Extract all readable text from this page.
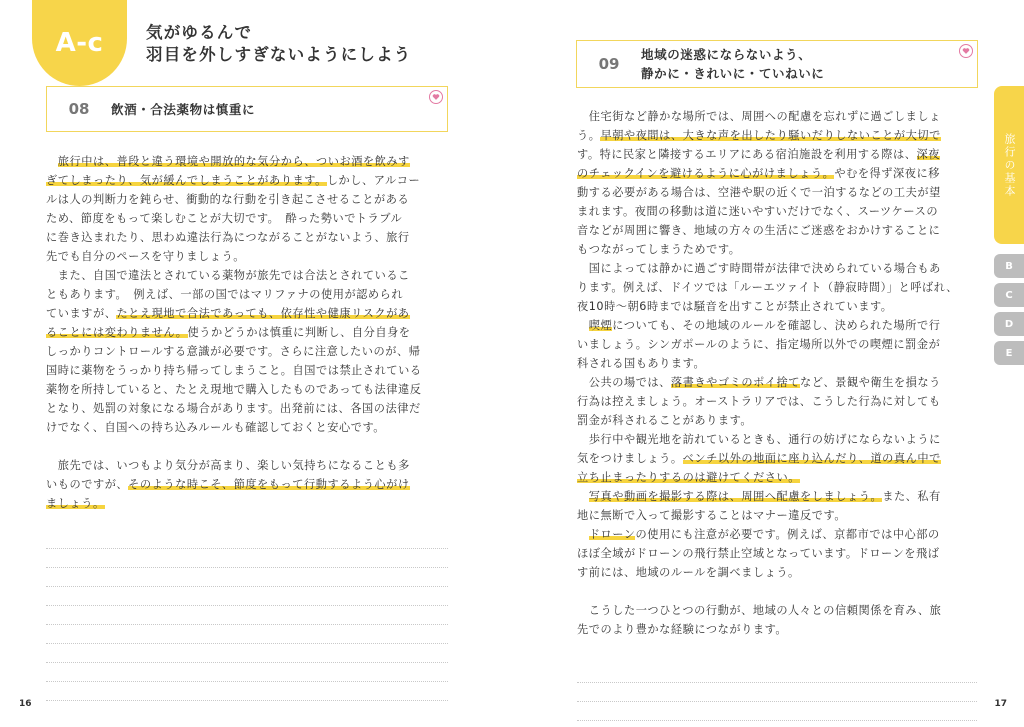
A-c	気がゆるんで
羽目を外しすぎないようにしよう
08	飲酒・合法薬物は慎重に
　旅行中は、普段と違う環境や開放的な気分から、ついお酒を飲みす
ぎてしまったり、気が緩んでしまうことがあります。しかし、アルコー
ルは人の判断力を鈍らせ、衝動的な行動を引き起こさせることがある
ため、節度をもって楽しむことが大切です。　酔った勢いでトラブル
に巻き込まれたり、思わぬ違法行為につながることがないよう、旅行
先でも自分のペースを守りましょう。
　また、自国で違法とされている薬物が旅先では合法とされているこ
ともあります。　例えば、一部の国ではマリファナの使用が認められ
ていますが、たとえ現地で合法であっても、依存性や健康リスクがあ
ることには変わりません。使うかどうかは慎重に判断し、自分自身を
しっかりコントロールする意識が必要です。さらに注意したいのが、帰
国時に薬物をうっかり持ち帰ってしまうこと。自国では禁止されている
薬物を所持していると、たとえ現地で購入したものであっても法律違反
となり、処罰の対象になる場合があります。出発前には、各国の法律だ
けでなく、自国への持ち込みルールも確認しておくと安心です。
　旅先では、いつもより気分が高まり、楽しい気持ちになることも多
いものですが、そのような時こそ、節度をもって行動するよう心がけ
ましょう。
16
09
地域の迷惑にならないよう、
静かに・きれいに・ていねいに
　住宅街など静かな場所では、周囲への配慮を忘れずに過ごしましょ
う。早朝や夜間は、大きな声を出したり騒いだりしないことが大切で
す。特に民家と隣接するエリアにある宿泊施設を利用する際は、深夜
のチェックインを避けるように心がけましょう。やむを得ず深夜に移
動する必要がある場合は、空港や駅の近くで一泊するなどの工夫が望
まれます。夜間の移動は道に迷いやすいだけでなく、スーツケースの
音などが周囲に響き、地域の方々の生活にご迷惑をおかけすることに
もつながってしまうためです。
　国によっては静かに過ごす時間帯が法律で決められている場合もあ
ります。例えば、ドイツでは「ルーエツァイト（静寂時間）」と呼ばれ、
夜10時～朝6時までは騒音を出すことが禁止されています。
　喫煙についても、その地域のルールを確認し、決められた場所で行
いましょう。シンガポールのように、指定場所以外での喫煙に罰金が
科される国もあります。
　公共の場では、落書きやゴミのポイ捨てなど、景観や衛生を損なう
行為は控えましょう。オーストラリアでは、こうした行為に対しても
罰金が科されることがあります。
　歩行中や観光地を訪れているときも、通行の妨げにならないように
気をつけましょう。ベンチ以外の地面に座り込んだり、道の真ん中で
立ち止まったりするのは避けてください。
　写真や動画を撮影する際は、周囲へ配慮をしましょう。また、私有
地に無断で入って撮影することはマナー違反です。
　ドローンの使用にも注意が必要です。例えば、京都市では中心部の
ほぼ全域がドローンの飛行禁止空域となっています。ドローンを飛ば
す前には、地域のルールを調べましょう。
　こうした一つひとつの行動が、地域の人々との信頼関係を育み、旅
先でのより豊かな経験につながります。
17
旅行の基本
B
C
D
E
